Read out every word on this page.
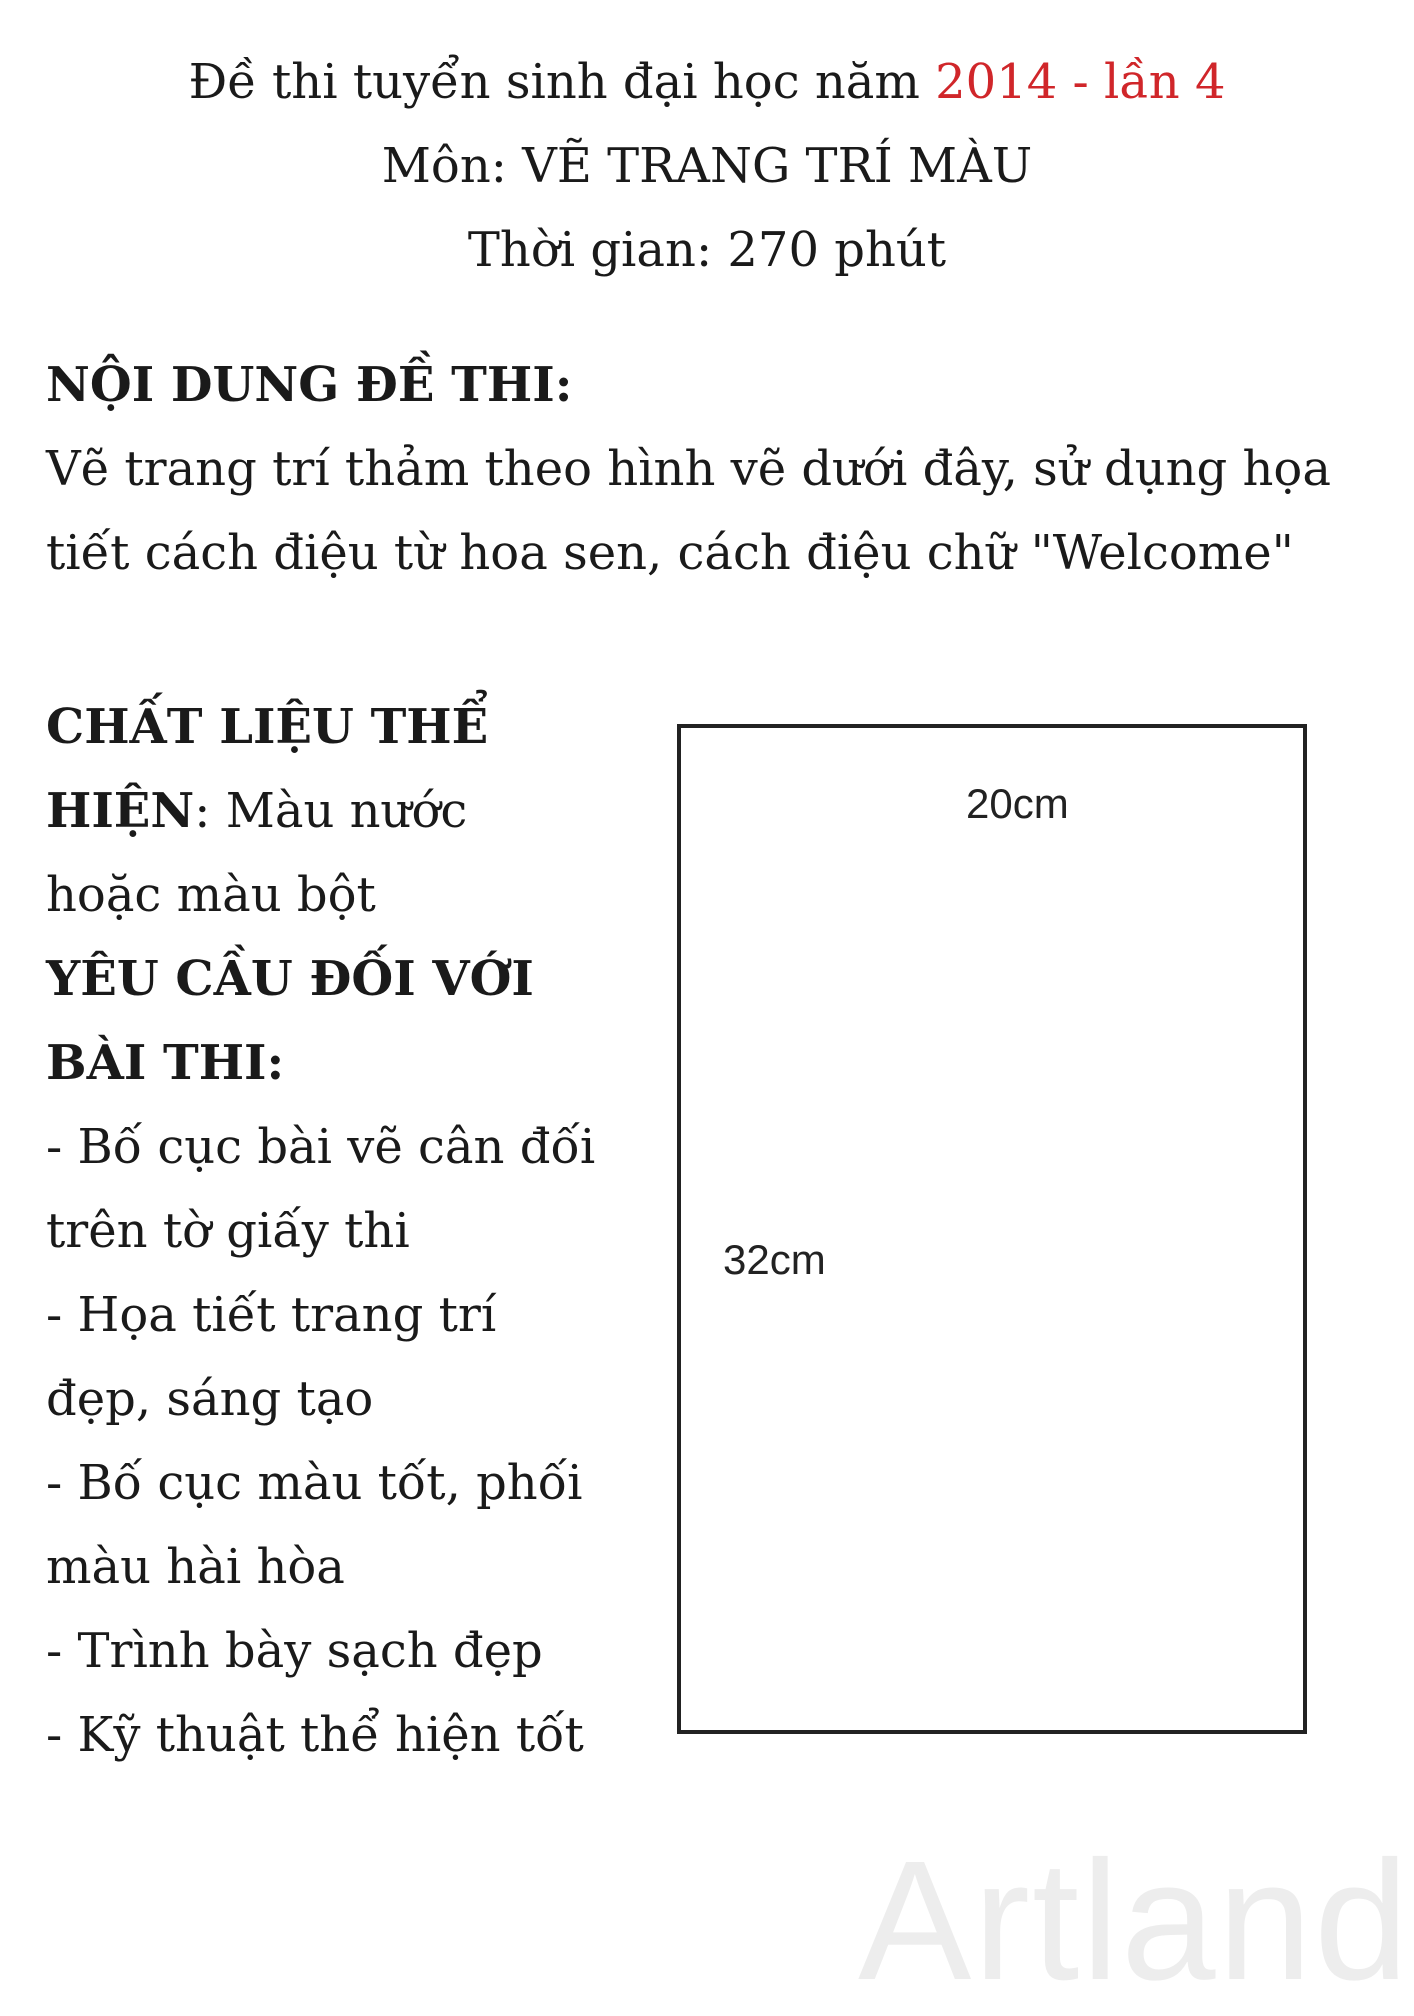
Đề thi tuyển sinh đại học năm 2014 - lần 4
Môn: VẼ TRANG TRÍ MÀU
Thời gian: 270 phút
NỘI DUNG ĐỀ THI:
Vẽ trang trí thảm theo hình vẽ dưới đây, sử dụng họa
tiết cách điệu từ hoa sen, cách điệu chữ "Welcome"
CHẤT LIỆU THỂ
HIỆN: Màu nước
hoặc màu bột
YÊU CẦU ĐỐI VỚI
BÀI THI:
- Bố cục bài vẽ cân đối
trên tờ giấy thi
- Họa tiết trang trí
đẹp, sáng tạo
- Bố cục màu tốt, phối
màu hài hòa
- Trình bày sạch đẹp
- Kỹ thuật thể hiện tốt
20cm
32cm
Artland
